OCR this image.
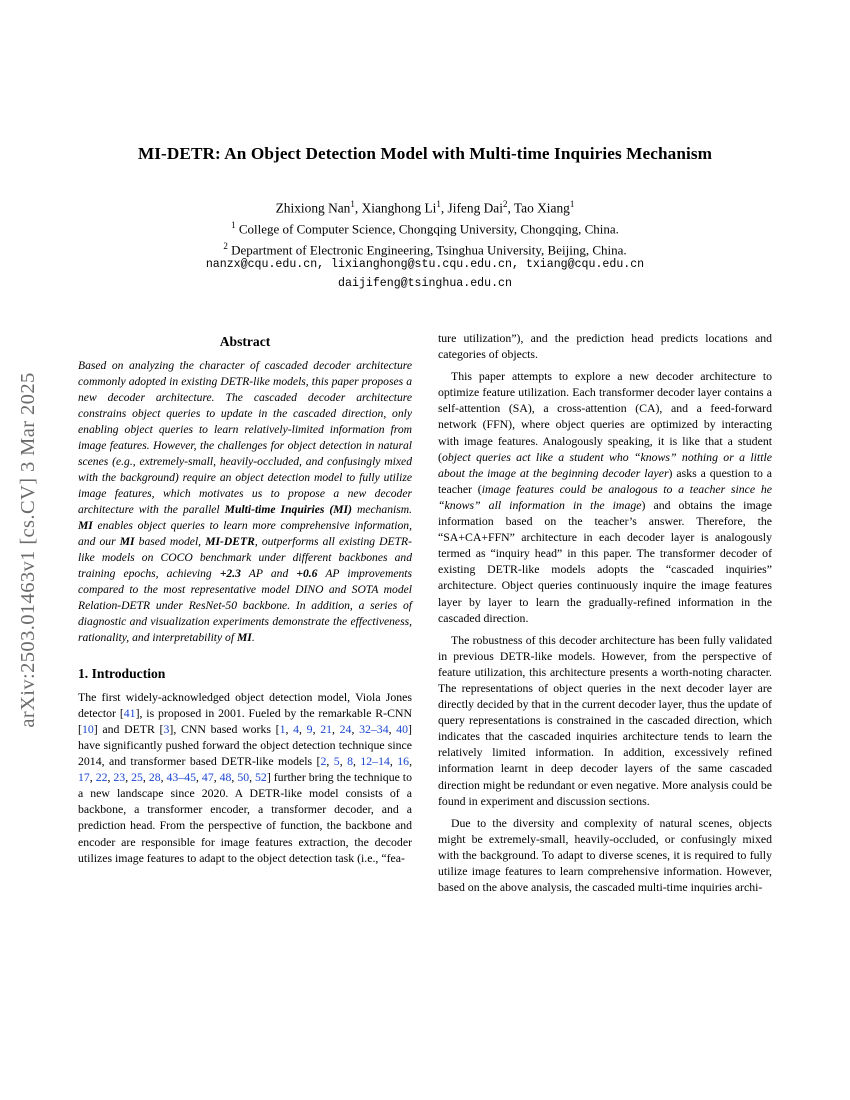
arXiv:2503.01463v1 [cs.CV] 3 Mar 2025
MI-DETR: An Object Detection Model with Multi-time Inquiries Mechanism
Zhixiong Nan$^1$, Xianghong Li$^1$, Jifeng Dai$^2$, Tao Xiang$^1$
$^1$ College of Computer Science, Chongqing University, Chongqing, China.
$^2$ Department of Electronic Engineering, Tsinghua University, Beijing, China.
nanzx@cqu.edu.cn, lixianghong@stu.cqu.edu.cn, txiang@cqu.edu.cn
daijifeng@tsinghua.edu.cn
Abstract

Based on analyzing the character of cascaded decoder architecture commonly adopted in existing DETR-like models, this paper proposes a new decoder architecture. The cascaded decoder architecture constrains object queries to update in the cascaded direction, only enabling object queries to learn relatively-limited information from image features. However, the challenges for object detection in natural scenes (e.g., extremely-small, heavily-occluded, and confusingly mixed with the background) require an object detection model to fully utilize image features, which motivates us to propose a new decoder architecture with the parallel Multi-time Inquiries (MI) mechanism. MI enables object queries to learn more comprehensive information, and our MI based model, MI-DETR, outperforms all existing DETR-like models on COCO benchmark under different backbones and training epochs, achieving +2.3 AP and +0.6 AP improvements compared to the most representative model DINO and SOTA model Relation-DETR under ResNet-50 backbone. In addition, a series of diagnostic and visualization experiments demonstrate the effectiveness, rationality, and interpretability of MI.

1. Introduction

The first widely-acknowledged object detection model, Viola Jones detector [41], is proposed in 2001. Fueled by the remarkable R-CNN [10] and DETR [3], CNN based works [1, 4, 9, 21, 24, 32–34, 40] have significantly pushed forward the object detection technique since 2014, and transformer based DETR-like models [2, 5, 8, 12–14, 16, 17, 22, 23, 25, 28, 43–45, 47, 48, 50, 52] further bring the technique to a new landscape since 2020. A DETR-like model consists of a backbone, a transformer encoder, a transformer decoder, and a prediction head. From the perspective of function, the backbone and encoder are responsible for image features extraction, the decoder utilizes image features to adapt to the object detection task (i.e., “fea-

ture utilization”), and the prediction head predicts locations and categories of objects.

This paper attempts to explore a new decoder architecture to optimize feature utilization. Each transformer decoder layer contains a self-attention (SA), a cross-attention (CA), and a feed-forward network (FFN), where object queries are optimized by interacting with image features. Analogously speaking, it is like that a student (object queries act like a student who “knows” nothing or a little about the image at the beginning decoder layer) asks a question to a teacher (image features could be analogous to a teacher since he “knows” all information in the image) and obtains the image information based on the teacher’s answer. Therefore, the “SA+CA+FFN” architecture in each decoder layer is analogously termed as “inquiry head” in this paper. The transformer decoder of existing DETR-like models adopts the “cascaded inquiries” architecture. Object queries continuously inquire the image features layer by layer to learn the gradually-refined information in the cascaded direction.

The robustness of this decoder architecture has been fully validated in previous DETR-like models. However, from the perspective of feature utilization, this architecture presents a worth-noting character. The representations of object queries in the next decoder layer are directly decided by that in the current decoder layer, thus the update of query representations is constrained in the cascaded direction, which indicates that the cascaded inquiries architecture tends to learn the relatively limited information. In addition, excessively refined information learnt in deep decoder layers of the same cascaded direction might be redundant or even negative. More analysis could be found in experiment and discussion sections.

Due to the diversity and complexity of natural scenes, objects might be extremely-small, heavily-occluded, or confusingly mixed with the background. To adapt to diverse scenes, it is required to fully utilize image features to learn comprehensive information. However, based on the above analysis, the cascaded multi-time inquiries archi-
